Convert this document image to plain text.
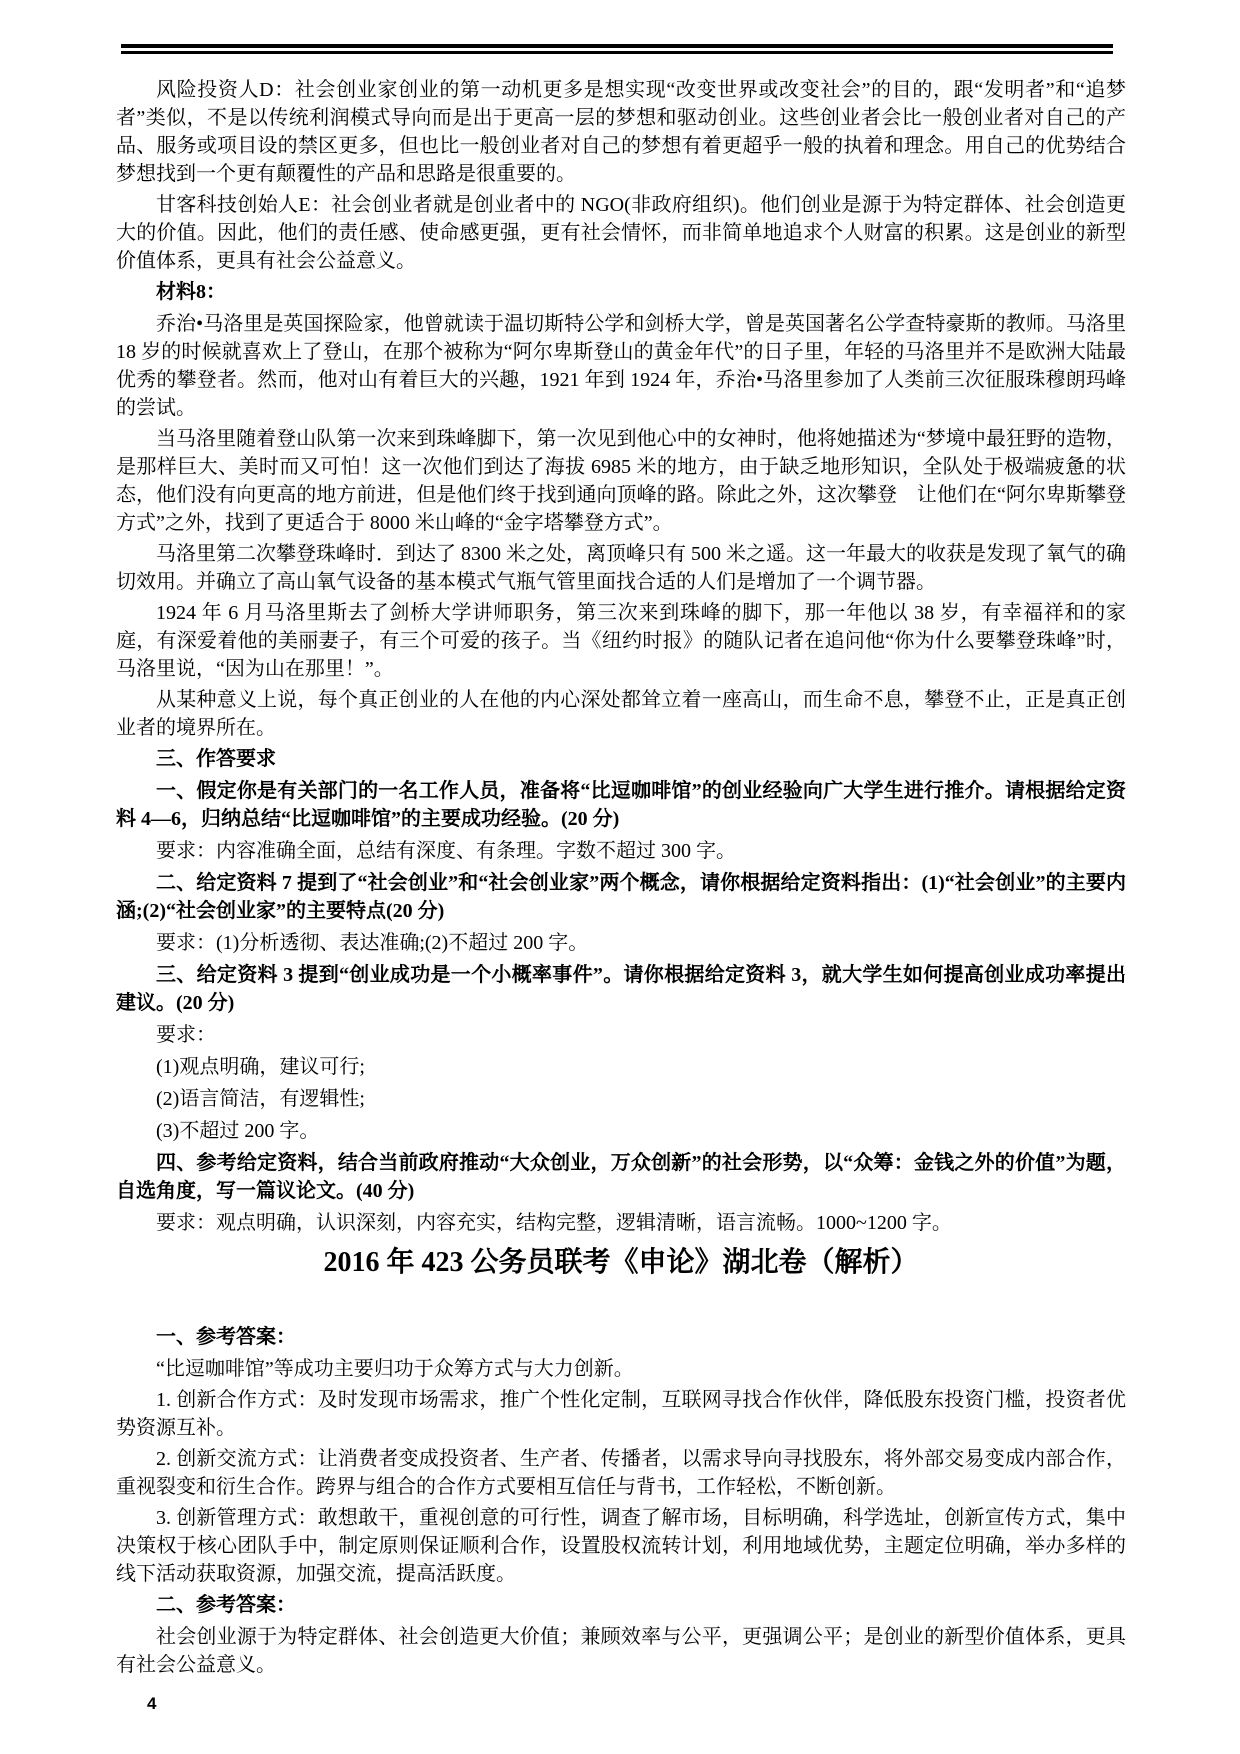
风险投资人D：社会创业家创业的第一动机更多是想实现“改变世界或改变社会”的目的，跟“发明者”和“追梦者”类似，不是以传统利润模式导向而是出于更高一层的梦想和驱动创业。这些创业者会比一般创业者对自己的产品、服务或项目设的禁区更多，但也比一般创业者对自己的梦想有着更超乎一般的执着和理念。用自己的优势结合梦想找到一个更有颠覆性的产品和思路是很重要的。

甘客科技创始人E：社会创业者就是创业者中的 NGO(非政府组织)。他们创业是源于为特定群体、社会创造更大的价值。因此，他们的责任感、使命感更强，更有社会情怀，而非简单地追求个人财富的积累。这是创业的新型价值体系，更具有社会公益意义。

材料8：

乔治•马洛里是英国探险家，他曾就读于温切斯特公学和剑桥大学，曾是英国著名公学查特豪斯的教师。马洛里 18 岁的时候就喜欢上了登山，在那个被称为“阿尔卑斯登山的黄金年代”的日子里，年轻的马洛里并不是欧洲大陆最优秀的攀登者。然而，他对山有着巨大的兴趣，1921 年到 1924 年，乔治•马洛里参加了人类前三次征服珠穆朗玛峰的尝试。

当马洛里随着登山队第一次来到珠峰脚下，第一次见到他心中的女神时，他将她描述为“梦境中最狂野的造物，是那样巨大、美时而又可怕！这一次他们到达了海拔 6985 米的地方，由于缺乏地形知识，全队处于极端疲惫的状态，他们没有向更高的地方前进，但是他们终于找到通向顶峰的路。除此之外，这次攀登　让他们在“阿尔卑斯攀登方式”之外，找到了更适合于 8000 米山峰的“金字塔攀登方式”。

马洛里第二次攀登珠峰时．到达了 8300 米之处，离顶峰只有 500 米之遥。这一年最大的收获是发现了氧气的确切效用。并确立了高山氧气设备的基本模式气瓶气管里面找合适的人们是增加了一个调节器。

1924 年 6 月马洛里斯去了剑桥大学讲师职务，第三次来到珠峰的脚下，那一年他以 38 岁，有幸福祥和的家庭，有深爱着他的美丽妻子，有三个可爱的孩子。当《纽约时报》的随队记者在追问他“你为什么要攀登珠峰”时，马洛里说，“因为山在那里！”。

从某种意义上说，每个真正创业的人在他的内心深处都耸立着一座高山，而生命不息，攀登不止，正是真正创业者的境界所在。

三、作答要求

一、假定你是有关部门的一名工作人员，准备将“比逗咖啡馆”的创业经验向广大学生进行推介。请根据给定资料 4—6，归纳总结“比逗咖啡馆”的主要成功经验。(20 分)

要求：内容准确全面，总结有深度、有条理。字数不超过 300 字。

二、给定资料 7 提到了“社会创业”和“社会创业家”两个概念，请你根据给定资料指出：(1)“社会创业”的主要内涵;(2)“社会创业家”的主要特点(20 分)

要求：(1)分析透彻、表达准确;(2)不超过 200 字。

三、给定资料 3 提到“创业成功是一个小概率事件”。请你根据给定资料 3，就大学生如何提高创业成功率提出建议。(20 分)

要求：

(1)观点明确，建议可行;

(2)语言简洁，有逻辑性;

(3)不超过 200 字。

四、参考给定资料，结合当前政府推动“大众创业，万众创新”的社会形势，以“众筹：金钱之外的价值”为题，自选角度，写一篇议论文。(40 分)

要求：观点明确，认识深刻，内容充实，结构完整，逻辑清晰，语言流畅。1000~1200 字。

2016 年 423 公务员联考《申论》湖北卷（解析）

一、参考答案：

“比逗咖啡馆”等成功主要归功于众筹方式与大力创新。

1. 创新合作方式：及时发现市场需求，推广个性化定制，互联网寻找合作伙伴，降低股东投资门槛，投资者优势资源互补。

2. 创新交流方式：让消费者变成投资者、生产者、传播者，以需求导向寻找股东，将外部交易变成内部合作，重视裂变和衍生合作。跨界与组合的合作方式要相互信任与背书，工作轻松，不断创新。

3. 创新管理方式：敢想敢干，重视创意的可行性，调查了解市场，目标明确，科学选址，创新宣传方式，集中决策权于核心团队手中，制定原则保证顺利合作，设置股权流转计划，利用地域优势，主题定位明确，举办多样的线下活动获取资源，加强交流，提高活跃度。

二、参考答案：

社会创业源于为特定群体、社会创造更大价值；兼顾效率与公平，更强调公平；是创业的新型价值体系，更具有社会公益意义。

4
